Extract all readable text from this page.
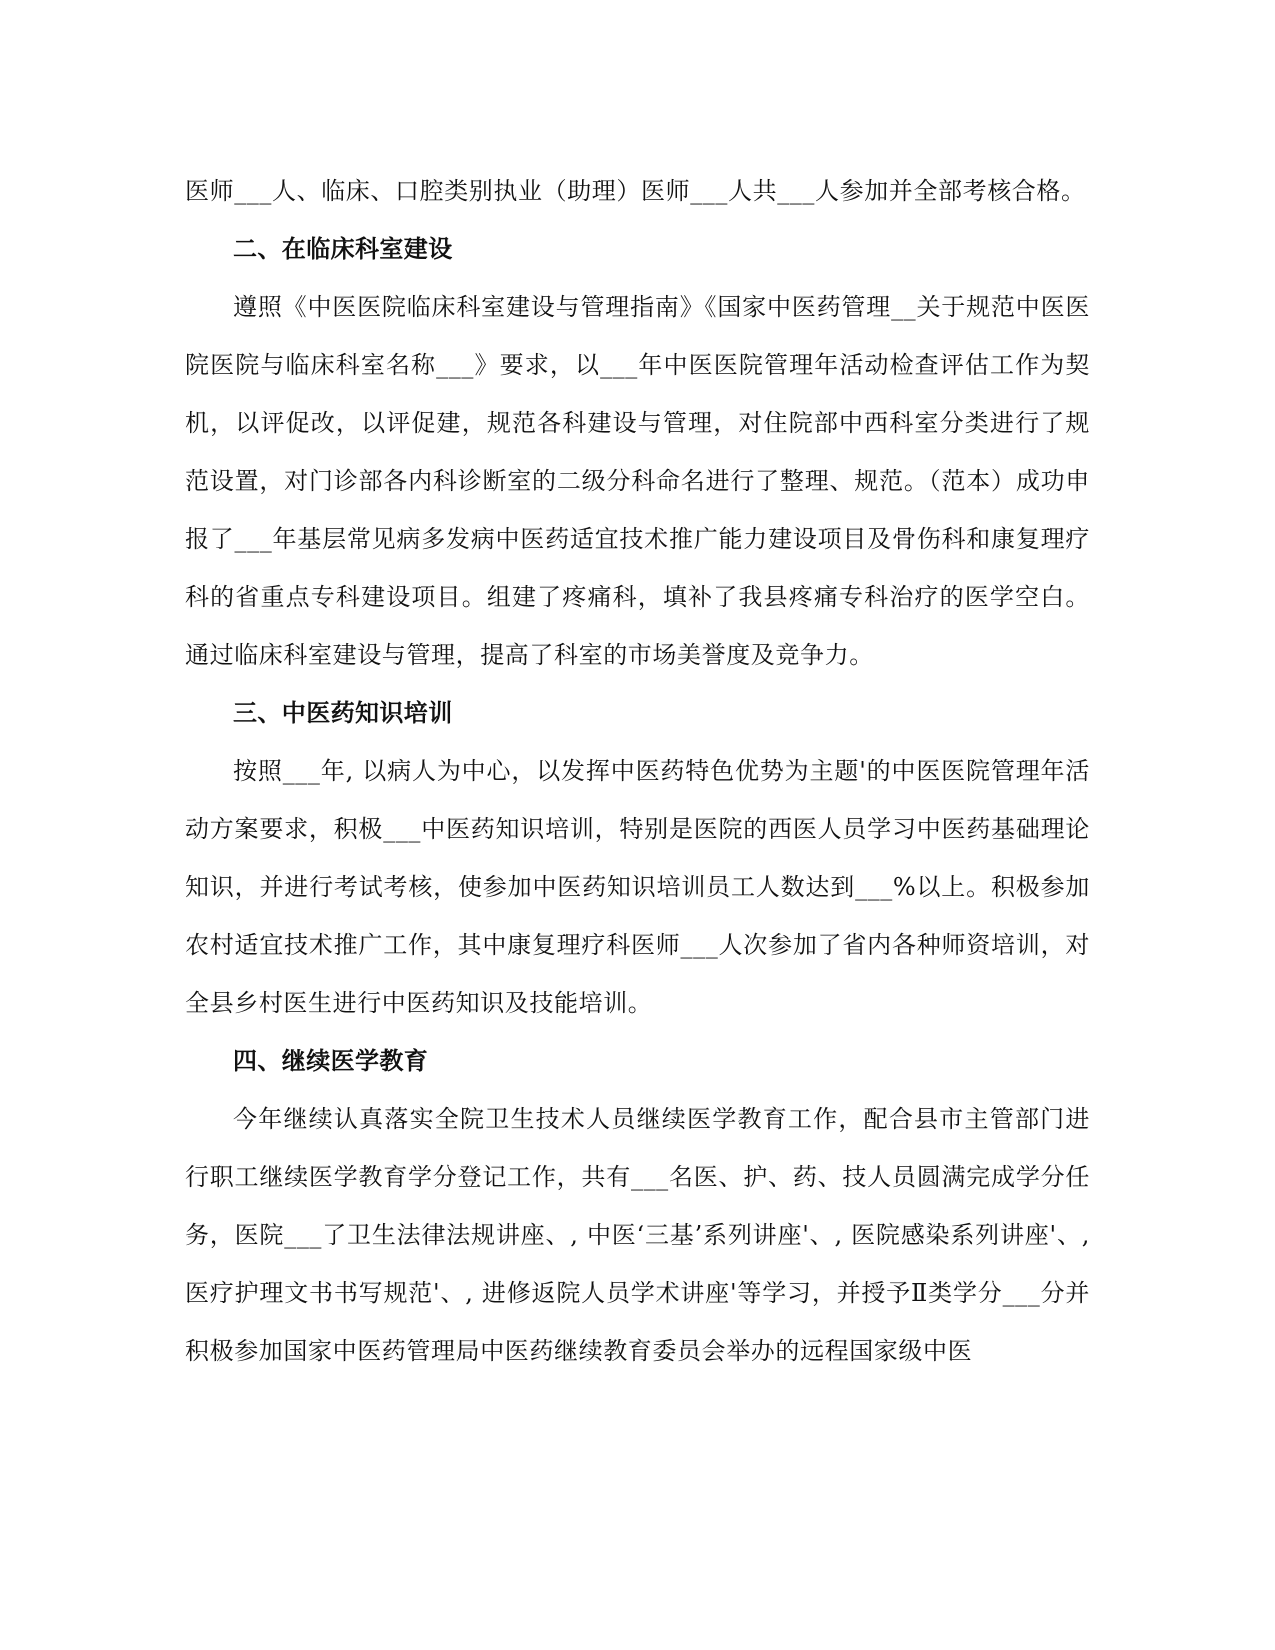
医师___人、临床、口腔类别执业（助理）医师___人共___人参加并全部考核合格。

二、在临床科室建设

遵照《中医医院临床科室建设与管理指南》《国家中医药管理__关于规范中医医院医院与临床科室名称___》要求，以___年中医医院管理年活动检查评估工作为契机，以评促改，以评促建，规范各科建设与管理，对住院部中西科室分类进行了规范设置，对门诊部各内科诊断室的二级分科命名进行了整理、规范。（范本）成功申报了___年基层常见病多发病中医药适宜技术推广能力建设项目及骨伤科和康复理疗科的省重点专科建设项目。组建了疼痛科，填补了我县疼痛专科治疗的医学空白。通过临床科室建设与管理，提高了科室的市场美誉度及竞争力。

三、中医药知识培训

按照___年, 以病人为中心，以发挥中医药特色优势为主题'的中医医院管理年活动方案要求，积极___中医药知识培训，特别是医院的西医人员学习中医药基础理论知识，并进行考试考核，使参加中医药知识培训员工人数达到___%以上。积极参加农村适宜技术推广工作，其中康复理疗科医师___人次参加了省内各种师资培训，对全县乡村医生进行中医药知识及技能培训。

四、继续医学教育

今年继续认真落实全院卫生技术人员继续医学教育工作，配合县市主管部门进行职工继续医学教育学分登记工作，共有___名医、护、药、技人员圆满完成学分任务，医院___了卫生法律法规讲座、, 中医‘三基’系列讲座'、, 医院感染系列讲座'、, 医疗护理文书书写规范'、, 进修返院人员学术讲座'等学习，并授予Ⅱ类学分___分并积极参加国家中医药管理局中医药继续教育委员会举办的远程国家级中医
